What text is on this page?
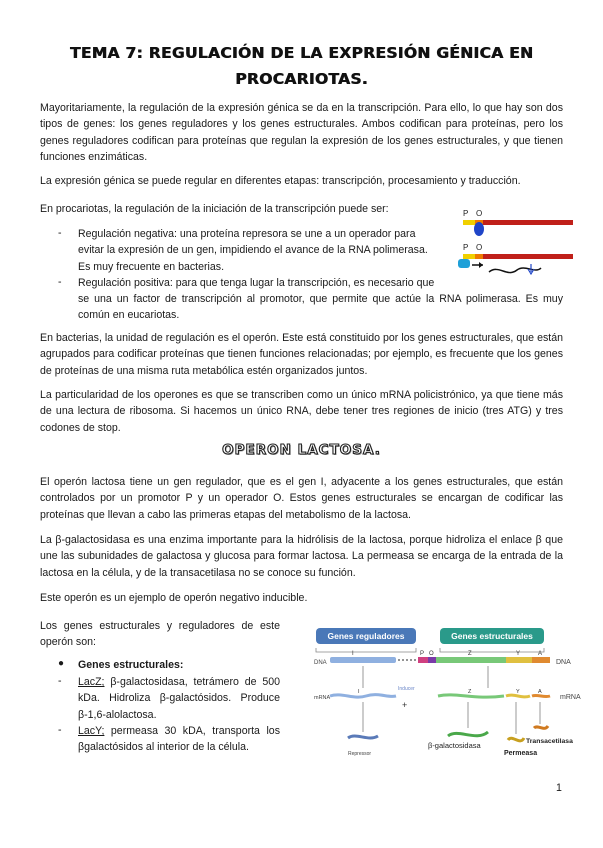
TEMA 7: REGULACIÓN DE LA EXPRESIÓN GÉNICA EN
PROCARIOTAS.

Mayoritariamente, la regulación de la expresión génica se da en la transcripción. Para ello, lo que hay son dos tipos de genes: los genes reguladores y los genes estructurales. Ambos codifican para proteínas, pero los genes reguladores codifican para proteínas que regulan la expresión de los genes estructurales, y que tienen funciones enzimáticas.

La expresión génica se puede regular en diferentes etapas: transcripción, procesamiento y traducción.

En procariotas, la regulación de la iniciación de la transcripción puede ser:

- Regulación negativa: una proteína represora se une a un operador para
evitar la expresión de un gen, impidiendo el avance de la RNA polimerasa.
Es muy frecuente en bacterias.

- Regulación positiva: para que tenga lugar la transcripción, es necesario que

se una un factor de transcripción al promotor, que permite que actúe la RNA polimerasa. Es muy común en eucariotas.

P O
P O

En bacterias, la unidad de regulación es el operón. Este está constituido por los genes estructurales, que están agrupados para codificar proteínas que tienen funciones relacionadas; por ejemplo, es frecuente que los genes de proteínas de una misma ruta metabólica estén organizados juntos.

La particularidad de los operones es que se transcriben como un único mRNA policistrónico, ya que tiene más de una lectura de ribosoma. Si hacemos un único RNA, debe tener tres regiones de inicio (tres ATG) y tres codones de stop.

OPERON LACTOSA.

El operón lactosa tiene un gen regulador, que es el gen I, adyacente a los genes estructurales, que están controlados por un promotor P y un operador O. Estos genes estructurales se encargan de codificar las proteínas que llevan a cabo las primeras etapas del metabolismo de la lactosa.

La β-galactosidasa es una enzima importante para la hidrólisis de la lactosa, porque hidroliza el enlace β que une las subunidades de galactosa y glucosa para formar lactosa. La permeasa se encarga de la entrada de la lactosa en la célula, y de la transacetilasa no se conoce su función.

Este operón es un ejemplo de operón negativo inducible.

Los genes estructurales y reguladores de este operón son:

● Genes estructurales:
- LacZ; β-galactosidasa, tetrámero de 500 kDa. Hidroliza β-galactósidos. Produce β-1,6-alolactosa.

- LacY; permeasa 30 kDA, transporta los βgalactósidos al interior de la célula.

Genes reguladores	Genes estructurales
DNA
I	P O	Z	Y	A
DNA
mRNA	mRNA
I	Z	Y	A
Inducer
+
Repressor
β-galactosidasa
Permeasa
Transacetilasa
1
